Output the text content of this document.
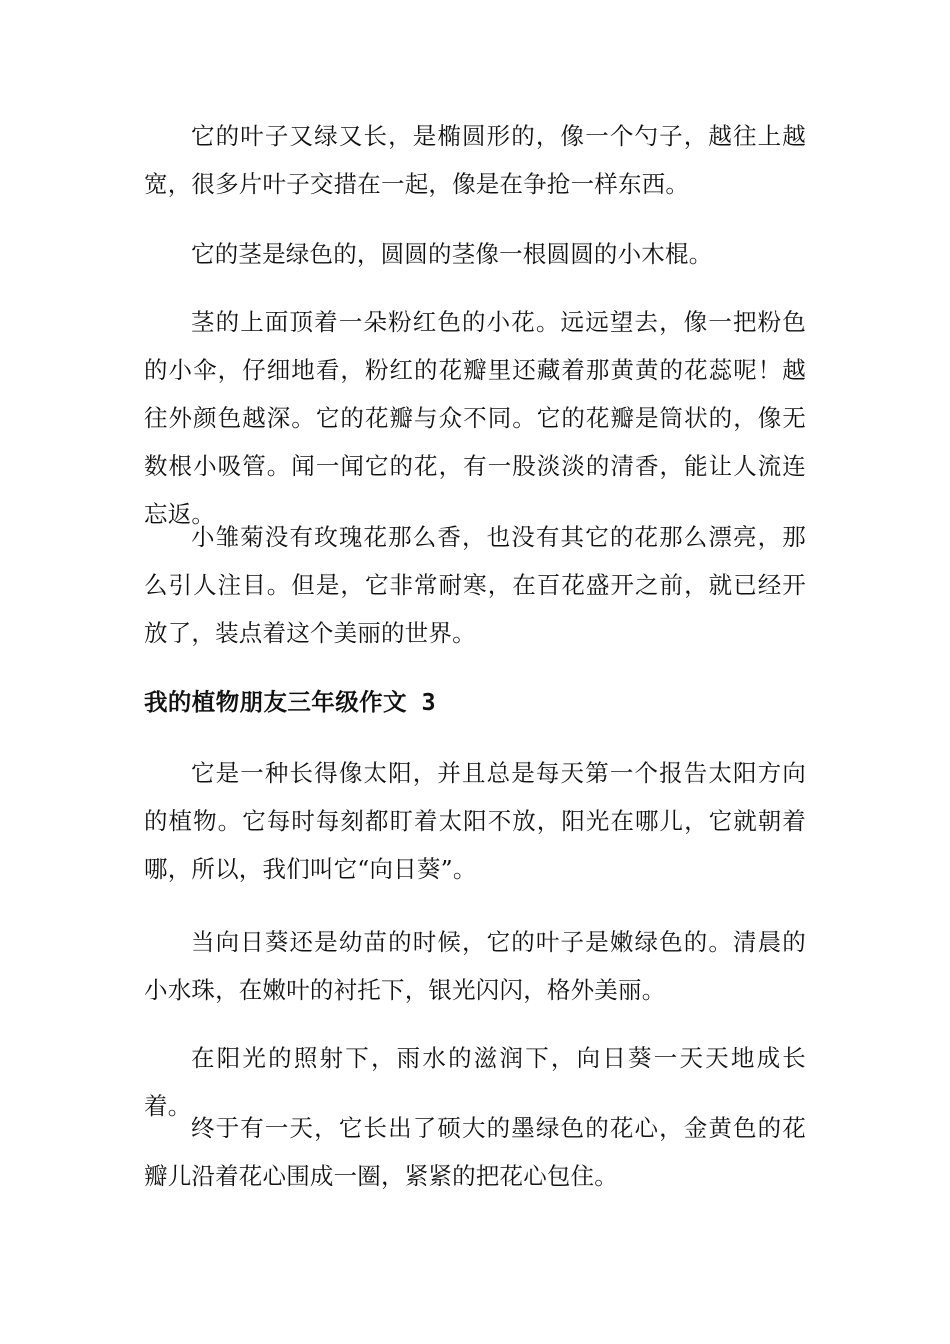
它的叶子又绿又长，是椭圆形的，像一个勺子，越往上越宽，很多片叶子交措在一起，像是在争抢一样东西。

它的茎是绿色的，圆圆的茎像一根圆圆的小木棍。

茎的上面顶着一朵粉红色的小花。远远望去，像一把粉色的小伞，仔细地看，粉红的花瓣里还藏着那黄黄的花蕊呢！越往外颜色越深。它的花瓣与众不同。它的花瓣是筒状的，像无数根小吸管。闻一闻它的花，有一股淡淡的清香，能让人流连忘返。

小雏菊没有玫瑰花那么香，也没有其它的花那么漂亮，那么引人注目。但是，它非常耐寒，在百花盛开之前，就已经开放了，装点着这个美丽的世界。

我的植物朋友三年级作文 3

它是一种长得像太阳，并且总是每天第一个报告太阳方向的植物。它每时每刻都盯着太阳不放，阳光在哪儿，它就朝着哪，所以，我们叫它“向日葵”。

当向日葵还是幼苗的时候，它的叶子是嫩绿色的。清晨的小水珠，在嫩叶的衬托下，银光闪闪，格外美丽。

在阳光的照射下，雨水的滋润下，向日葵一天天地成长着。

终于有一天，它长出了硕大的墨绿色的花心，金黄色的花瓣儿沿着花心围成一圈，紧紧的把花心包住。
